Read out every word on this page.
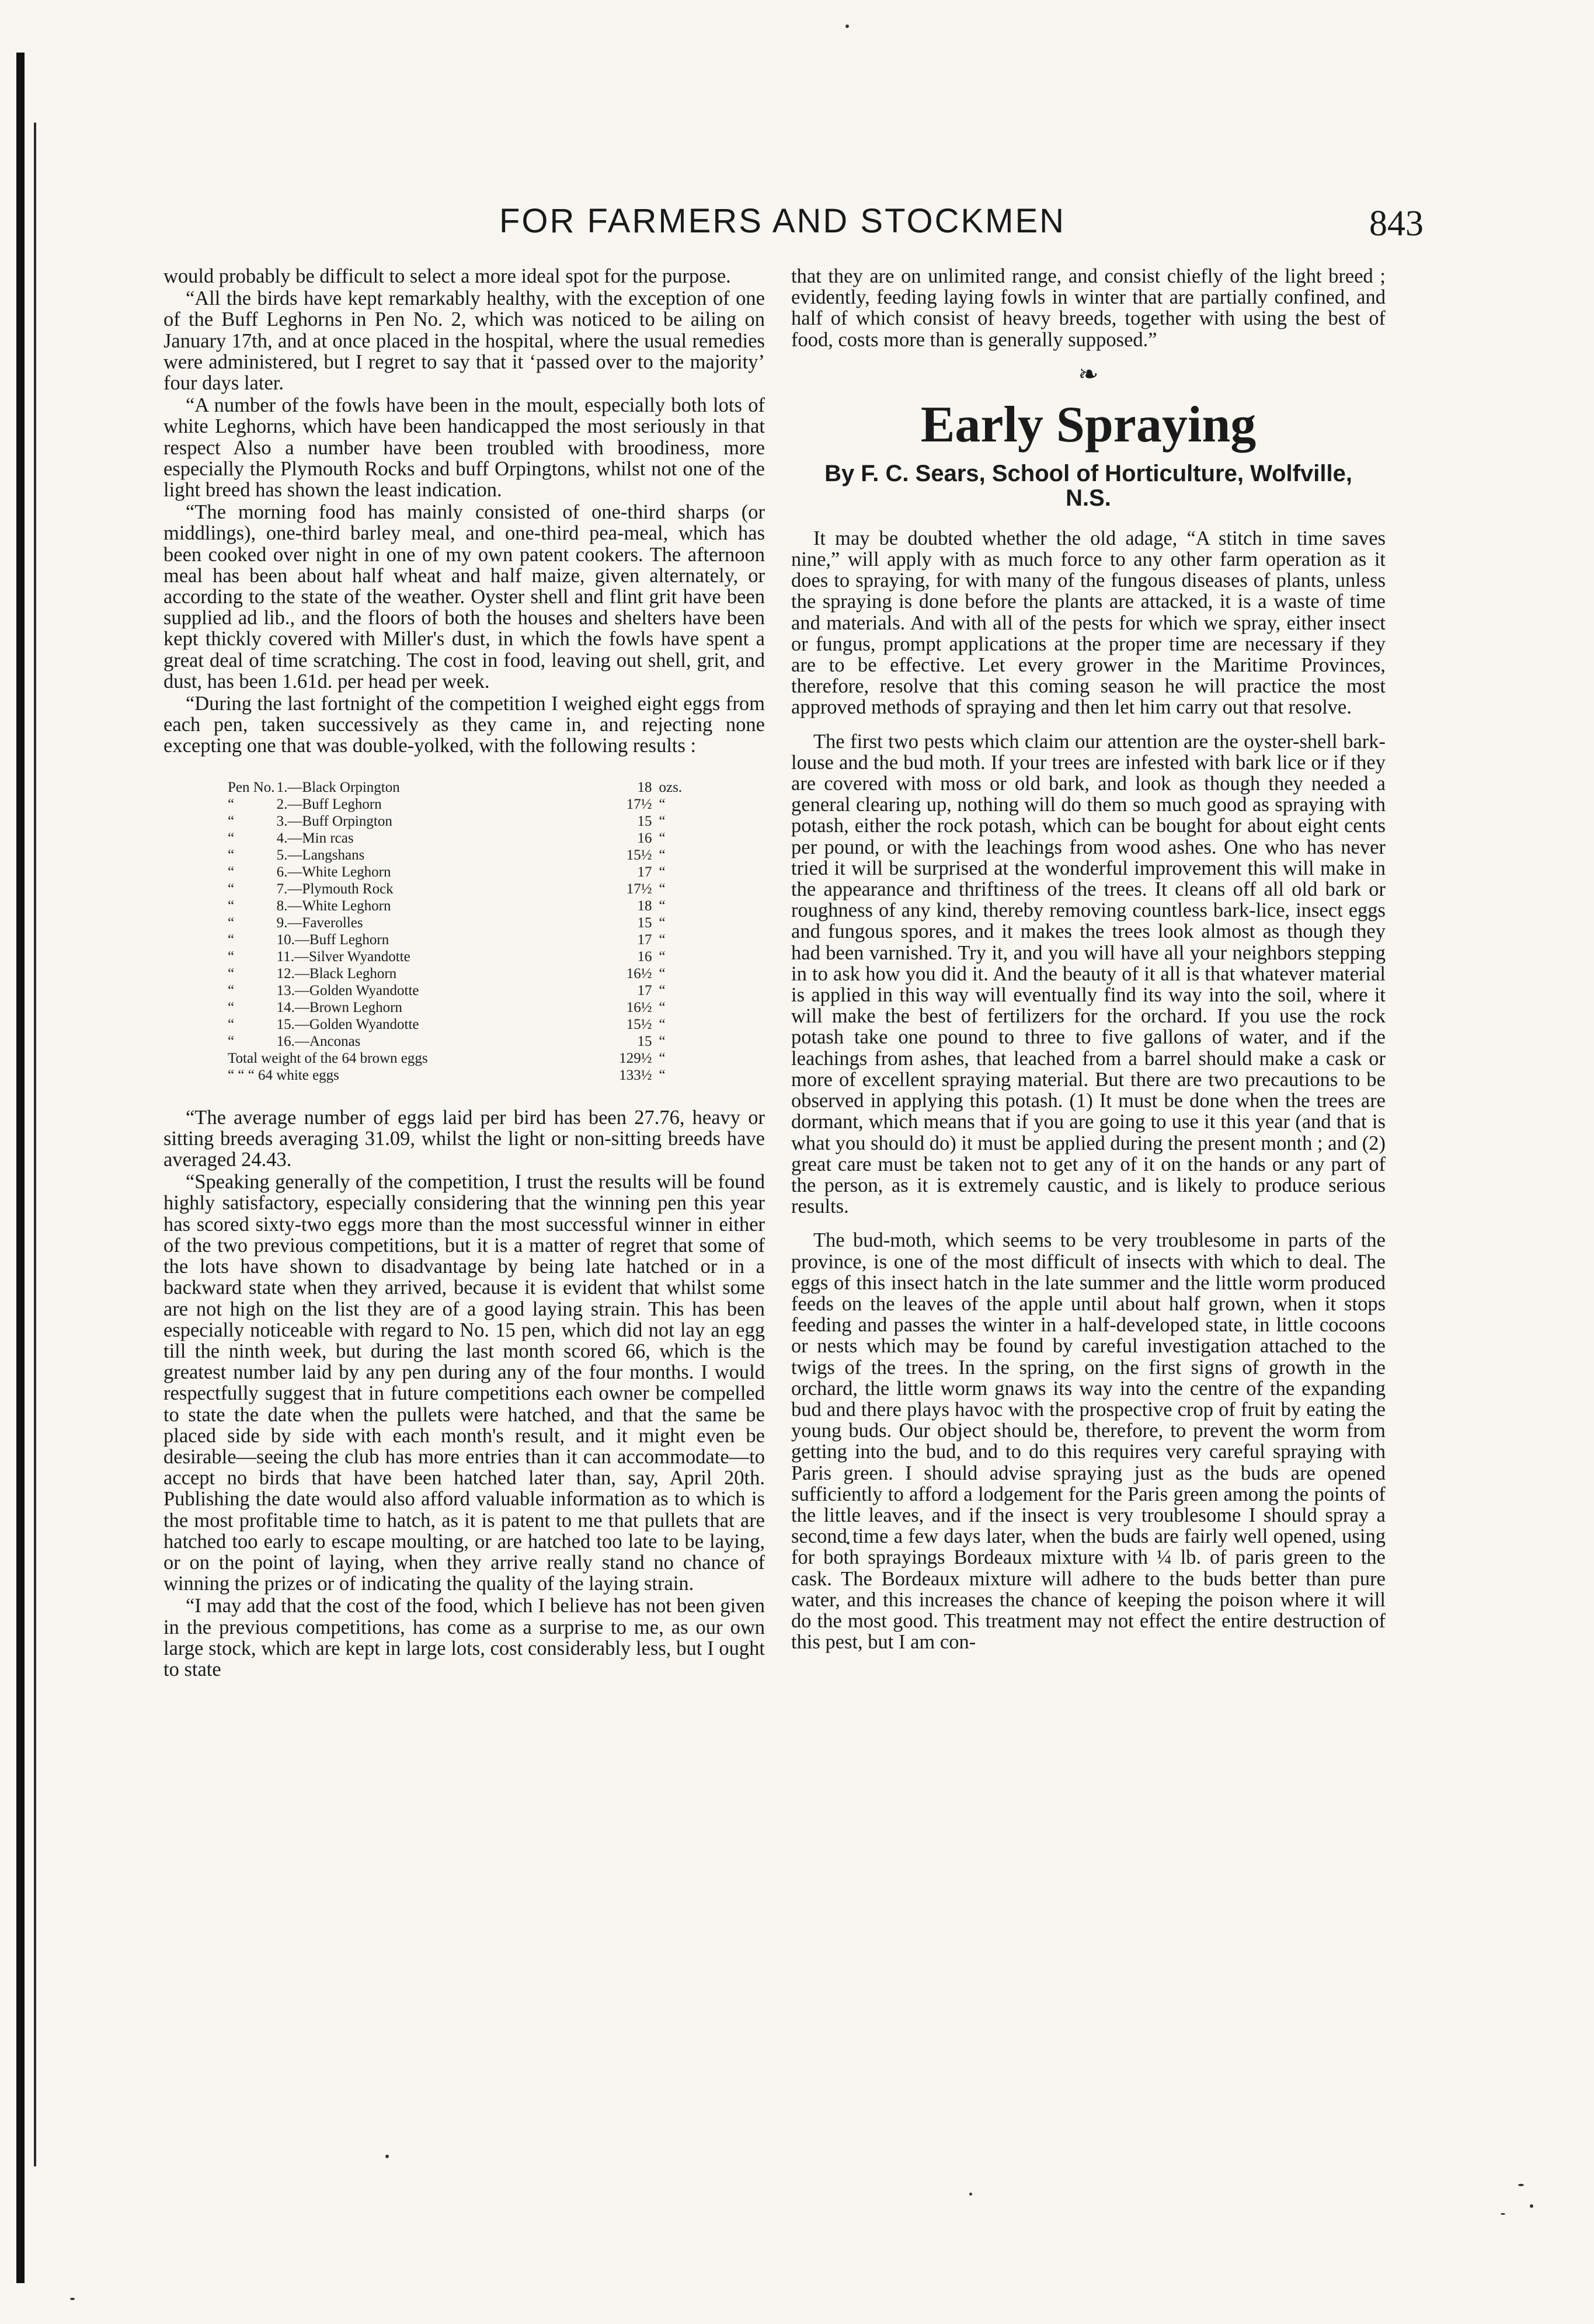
FOR FARMERS AND STOCKMEN	843

would probably be difficult to select a more ideal spot for the purpose.

“All the birds have kept remarkably healthy, with the exception of one of the Buff Leghorns in Pen No. 2, which was noticed to be ailing on January 17th, and at once placed in the hospital, where the usual remedies were administered, but I regret to say that it ‘passed over to the majority’ four days later.

“A number of the fowls have been in the moult, especially both lots of white Leghorns, which have been handicapped the most seriously in that respect Also a number have been troubled with broodiness, more especially the Plymouth Rocks and buff Orpingtons, whilst not one of the light breed has shown the least indication.

“The morning food has mainly consisted of one-third sharps (or middlings), one-third barley meal, and one-third pea-meal, which has been cooked over night in one of my own patent cookers. The afternoon meal has been about half wheat and half maize, given alternately, or according to the state of the weather. Oyster shell and flint grit have been supplied ad lib., and the floors of both the houses and shelters have been kept thickly covered with Miller's dust, in which the fowls have spent a great deal of time scratching. The cost in food, leaving out shell, grit, and dust, has been 1.61d. per head per week.

“During the last fortnight of the competition I weighed eight eggs from each pen, taken successively as they came in, and rejecting none excepting one that was double-yolked, with the following results :

Pen No.	1.—Black Orpington	18	ozs.
“	2.—Buff Leghorn	17½	“
“	3.—Buff Orpington	15	“
“	4.—Min rcas	16	“
“	5.—Langshans	15½	“
“	6.—White Leghorn	17	“
“	7.—Plymouth Rock	17½	“
“	8.—White Leghorn	18	“
“	9.—Faverolles	15	“
“	10.—Buff Leghorn	17	“
“	11.—Silver Wyandotte	16	“
“	12.—Black Leghorn	16½	“
“	13.—Golden Wyandotte	17	“
“	14.—Brown Leghorn	16½	“
“	15.—Golden Wyandotte	15½	“
“	16.—Anconas	15	“
Total weight of the 64 brown eggs		129½	“
“ “ “ 64 white eggs		133½	“

“The average number of eggs laid per bird has been 27.76, heavy or sitting breeds averaging 31.09, whilst the light or non-sitting breeds have averaged 24.43.

“Speaking generally of the competition, I trust the results will be found highly satisfactory, especially considering that the winning pen this year has scored sixty-two eggs more than the most successful winner in either of the two previous competitions, but it is a matter of regret that some of the lots have shown to disadvantage by being late hatched or in a backward state when they arrived, because it is evident that whilst some are not high on the list they are of a good laying strain. This has been especially noticeable with regard to No. 15 pen, which did not lay an egg till the ninth week, but during the last month scored 66, which is the greatest number laid by any pen during any of the four months. I would respectfully suggest that in future competitions each owner be compelled to state the date when the pullets were hatched, and that the same be placed side by side with each month's result, and it might even be desirable—seeing the club has more entries than it can accommodate—to accept no birds that have been hatched later than, say, April 20th. Publishing the date would also afford valuable information as to which is the most profitable time to hatch, as it is patent to me that pullets that are hatched too early to escape moulting, or are hatched too late to be laying, or on the point of laying, when they arrive really stand no chance of winning the prizes or of indicating the quality of the laying strain.

“I may add that the cost of the food, which I believe has not been given in the previous competitions, has come as a surprise to me, as our own large stock, which are kept in large lots, cost considerably less, but I ought to state

that they are on unlimited range, and consist chiefly of the light breed ; evidently, feeding laying fowls in winter that are partially confined, and half of which consist of heavy breeds, together with using the best of food, costs more than is generally supposed.”

❧
Early Spraying
By F. C. Sears, School of Horticulture, Wolfville, N.S.

It may be doubted whether the old adage, “A stitch in time saves nine,” will apply with as much force to any other farm operation as it does to spraying, for with many of the fungous diseases of plants, unless the spraying is done before the plants are attacked, it is a waste of time and materials. And with all of the pests for which we spray, either insect or fungus, prompt applications at the proper time are necessary if they are to be effective. Let every grower in the Maritime Provinces, therefore, resolve that this coming season he will practice the most approved methods of spraying and then let him carry out that resolve.

The first two pests which claim our attention are the oyster-shell bark-louse and the bud moth. If your trees are infested with bark lice or if they are covered with moss or old bark, and look as though they needed a general clearing up, nothing will do them so much good as spraying with potash, either the rock potash, which can be bought for about eight cents per pound, or with the leachings from wood ashes. One who has never tried it will be surprised at the wonderful improvement this will make in the appearance and thriftiness of the trees. It cleans off all old bark or roughness of any kind, thereby removing countless bark-lice, insect eggs and fungous spores, and it makes the trees look almost as though they had been varnished. Try it, and you will have all your neighbors stepping in to ask how you did it. And the beauty of it all is that whatever material is applied in this way will eventually find its way into the soil, where it will make the best of fertilizers for the orchard. If you use the rock potash take one pound to three to five gallons of water, and if the leachings from ashes, that leached from a barrel should make a cask or more of excellent spraying material. But there are two precautions to be observed in applying this potash. (1) It must be done when the trees are dormant, which means that if you are going to use it this year (and that is what you should do) it must be applied during the present month ; and (2) great care must be taken not to get any of it on the hands or any part of the person, as it is extremely caustic, and is likely to produce serious results.

The bud-moth, which seems to be very troublesome in parts of the province, is one of the most difficult of insects with which to deal. The eggs of this insect hatch in the late summer and the little worm produced feeds on the leaves of the apple until about half grown, when it stops feeding and passes the winter in a half-developed state, in little cocoons or nests which may be found by careful investigation attached to the twigs of the trees. In the spring, on the first signs of growth in the orchard, the little worm gnaws its way into the centre of the expanding bud and there plays havoc with the prospective crop of fruit by eating the young buds. Our object should be, therefore, to prevent the worm from getting into the bud, and to do this requires very careful spraying with Paris green. I should advise spraying just as the buds are opened sufficiently to afford a lodgement for the Paris green among the points of the little leaves, and if the insect is very troublesome I should spray a second time a few days later, when the buds are fairly well opened, using for both sprayings Bordeaux mixture with ¼ lb. of paris green to the cask. The Bordeaux mixture will adhere to the buds better than pure water, and this increases the chance of keeping the poison where it will do the most good. This treatment may not effect the entire destruction of this pest, but I am con-
